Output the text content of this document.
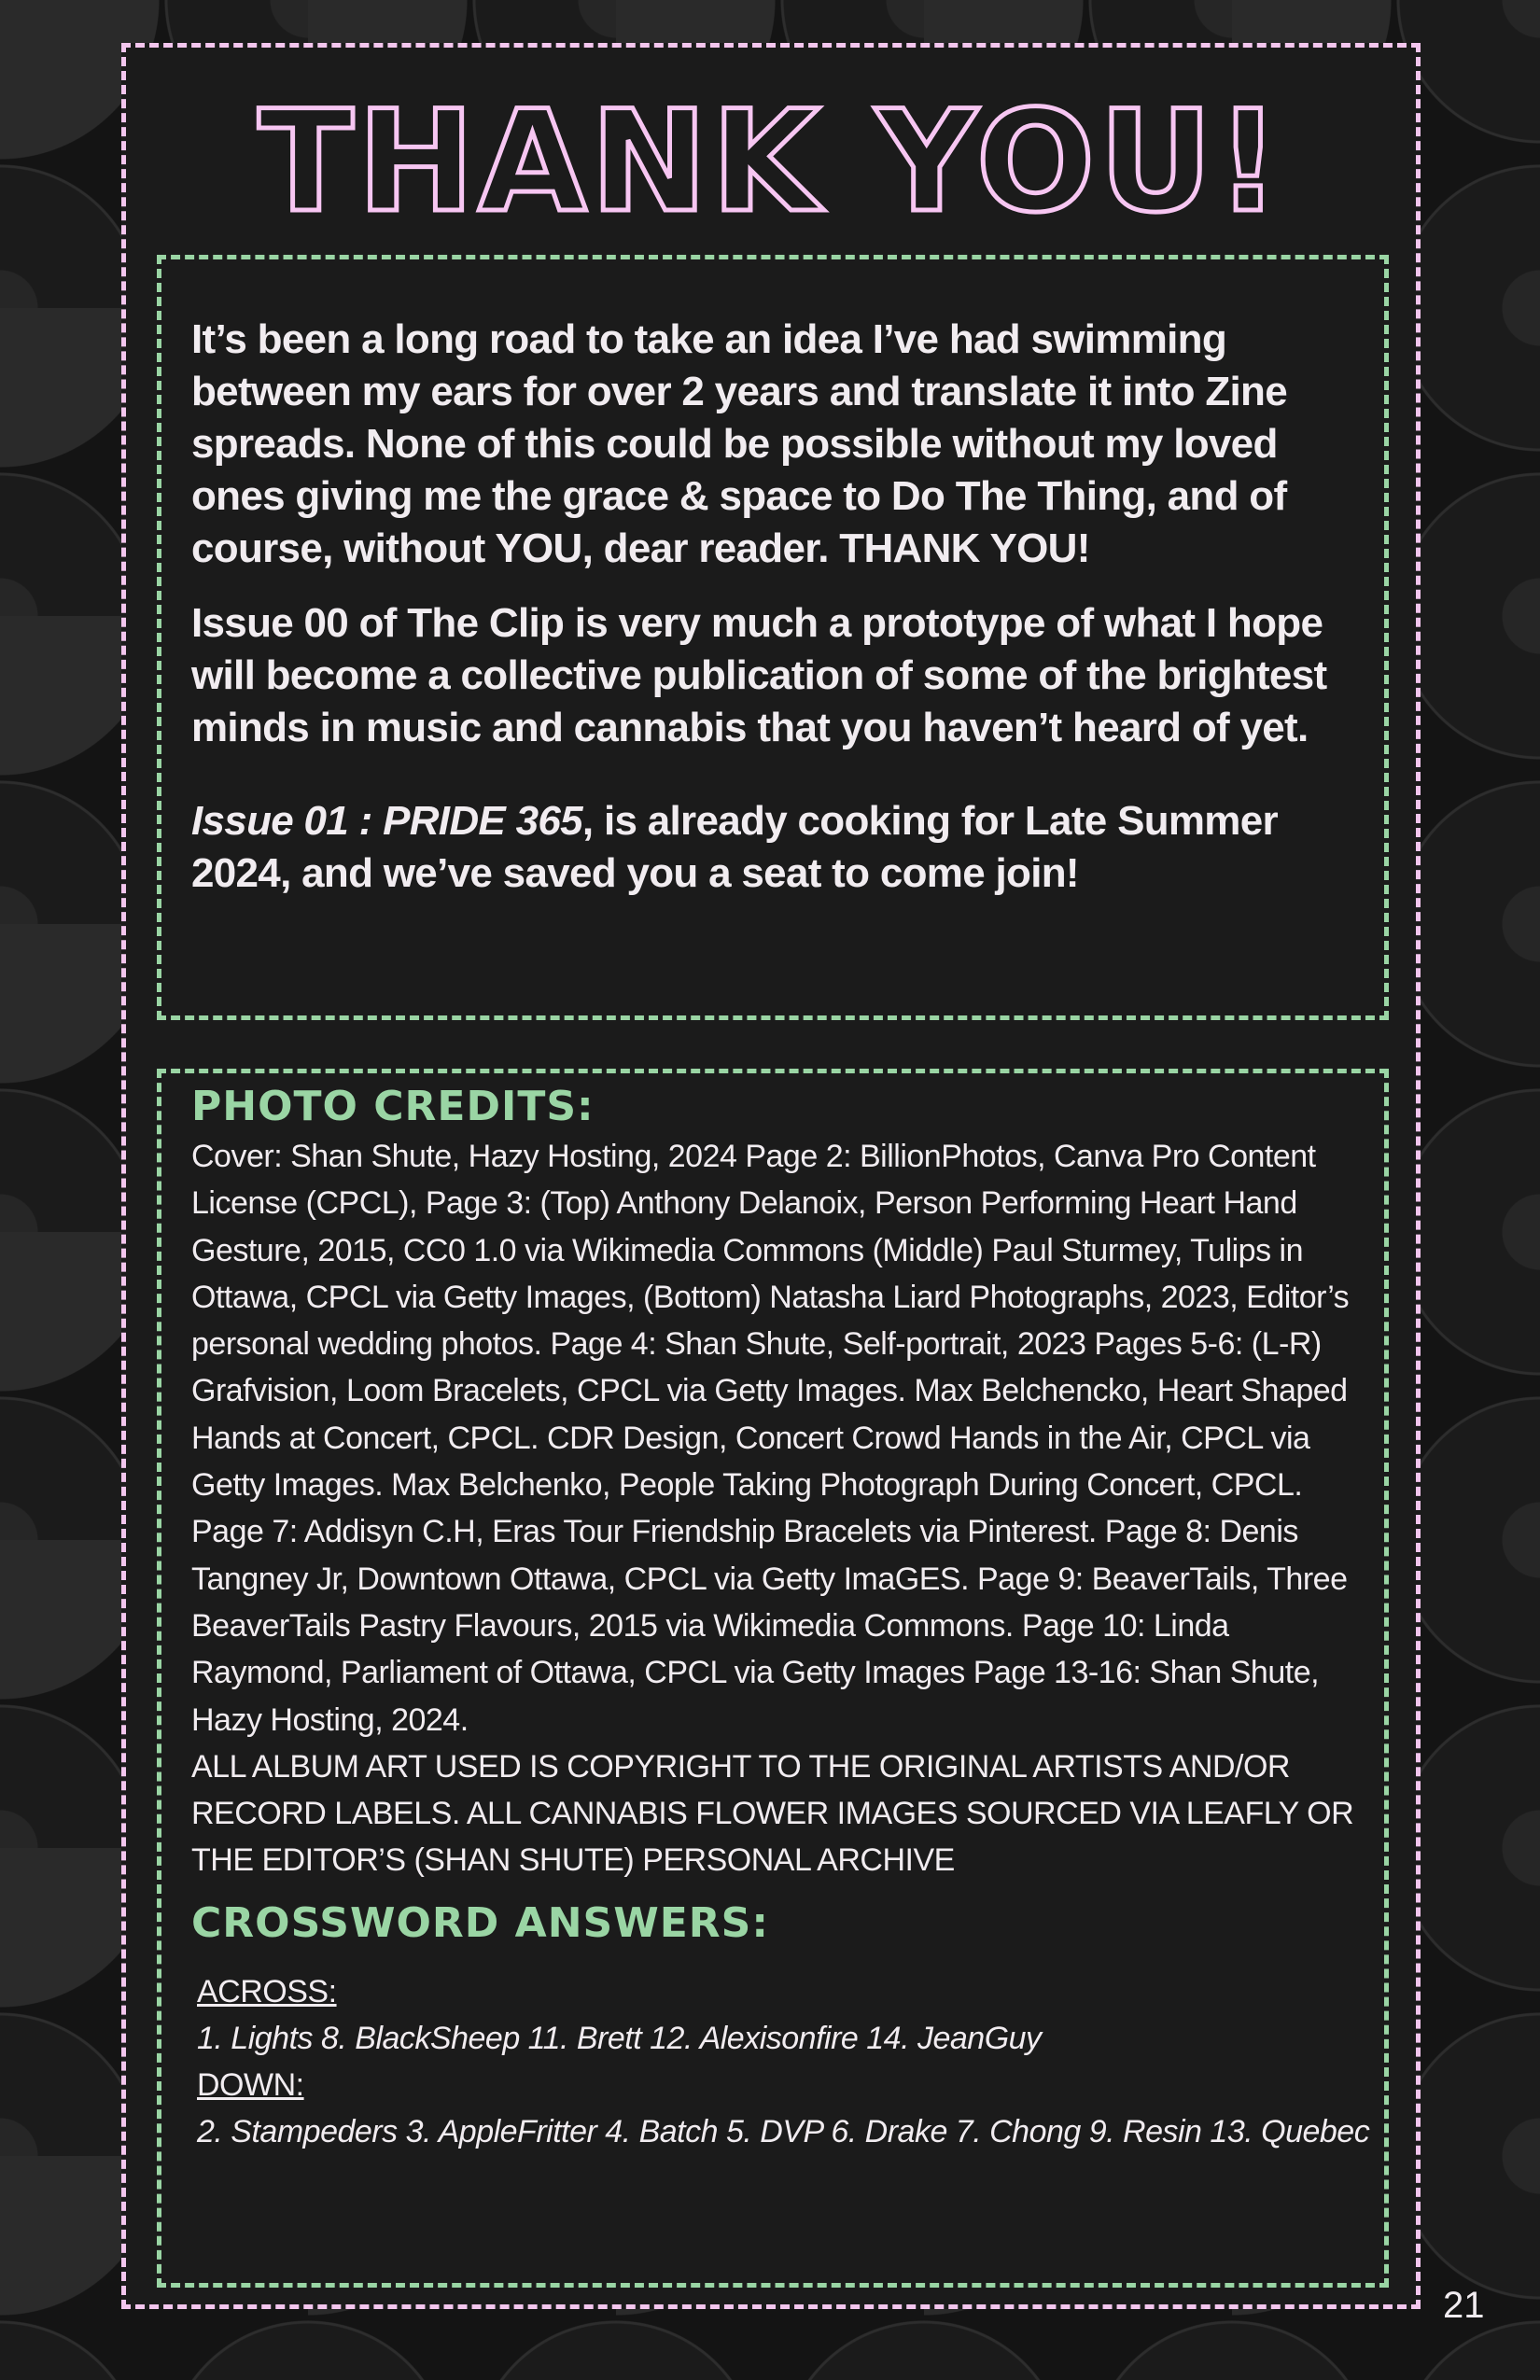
THANK YOU!

It’s been a long road to take an idea I’ve had swimming between my ears for over 2 years and translate it into Zine spreads. None of this could be possible without my loved ones giving me the grace & space to Do The Thing, and of course, without YOU, dear reader. THANK YOU!

Issue 00 of The Clip is very much a prototype of what I hope will become a collective publication of some of the brightest minds in music and cannabis that you haven’t heard of yet.

Issue 01 : PRIDE 365, is already cooking for Late Summer 2024, and we’ve saved you a seat to come join!

PHOTO CREDITS:

Cover: Shan Shute, Hazy Hosting, 2024 Page 2: BillionPhotos, Canva Pro Content License (CPCL), Page 3: (Top) Anthony Delanoix, Person Performing Heart Hand Gesture, 2015, CC0 1.0 via Wikimedia Commons (Middle) Paul Sturmey, Tulips in Ottawa, CPCL via Getty Images, (Bottom) Natasha Liard Photographs, 2023, Editor’s personal wedding photos. Page 4: Shan Shute, Self-portrait, 2023 Pages 5-6: (L-R) Grafvision, Loom Bracelets, CPCL via Getty Images. Max Belchencko, Heart Shaped Hands at Concert, CPCL. CDR Design, Concert Crowd Hands in the Air, CPCL via Getty Images. Max Belchenko, People Taking Photograph During Concert, CPCL. Page 7: Addisyn C.H, Eras Tour Friendship Bracelets via Pinterest. Page 8: Denis Tangney Jr, Downtown Ottawa, CPCL via Getty ImaGES. Page 9: BeaverTails, Three BeaverTails Pastry Flavours, 2015 via Wikimedia Commons. Page 10: Linda Raymond, Parliament of Ottawa, CPCL via Getty Images Page 13-16: Shan Shute, Hazy Hosting, 2024.

ALL ALBUM ART USED IS COPYRIGHT TO THE ORIGINAL ARTISTS AND/OR RECORD LABELS. ALL CANNABIS FLOWER IMAGES SOURCED VIA LEAFLY OR THE EDITOR’S (SHAN SHUTE) PERSONAL ARCHIVE

CROSSWORD ANSWERS:
ACROSS:
1. Lights 8. BlackSheep 11. Brett 12. Alexisonfire 14. JeanGuy
DOWN:
2. Stampeders 3. AppleFritter 4. Batch 5. DVP 6. Drake 7. Chong 9. Resin 13. Quebec
21
